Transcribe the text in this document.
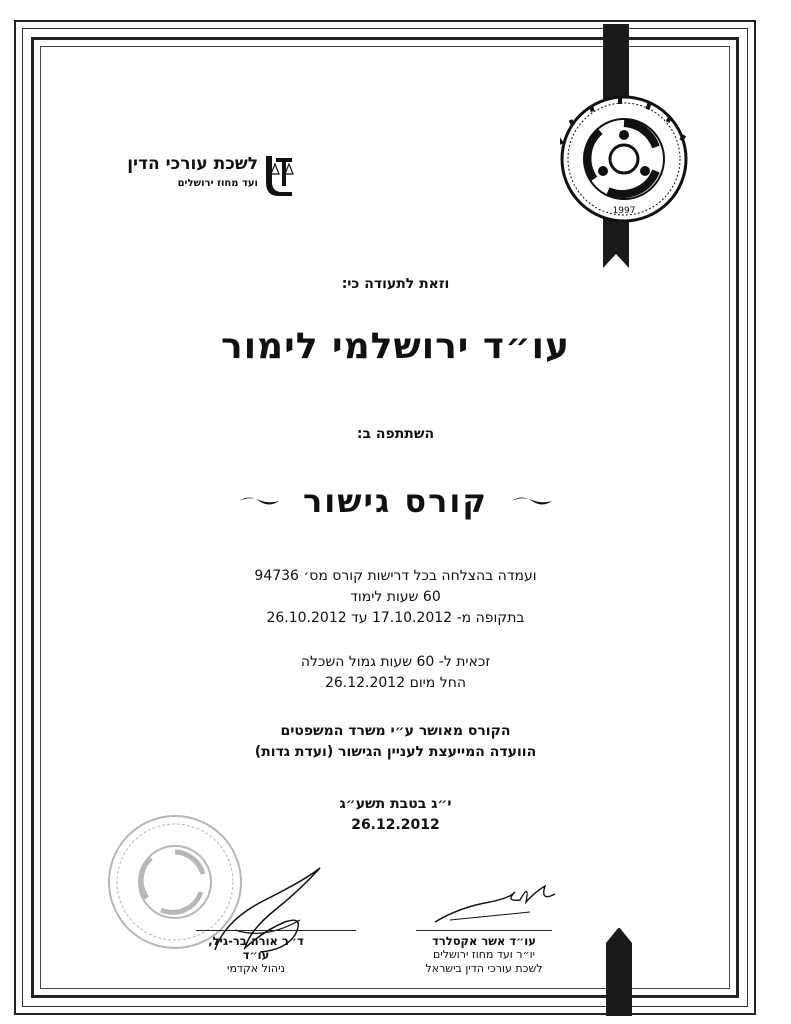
1997
לשכת עורכי הדין
ועד מחוז ירושלים
וזאת לתעודה כי:
עו״ד ירושלמי לימור
השתתפה ב:
קורס גישור
ועמדה בהצלחה בכל דרישות קורס מס׳ 94736
60 שעות לימוד
בתקופה מ- 17.10.2012 עד 26.10.2012
זכאית ל- 60 שעות גמול השכלה
החל מיום 26.12.2012
הקורס מאושר ע״י משרד המשפטים
הוועדה המייעצת לעניין הגישור (ועדת גדות)
י״ג בטבת תשע״ג
26.12.2012
עו״ד אשר אקסלרד
יו״ר ועד מחוז ירושלים
לשכת עורכי הדין בישראל
ד״ר אורה בר-גיל, עו״ד
ניהול אקדמי
